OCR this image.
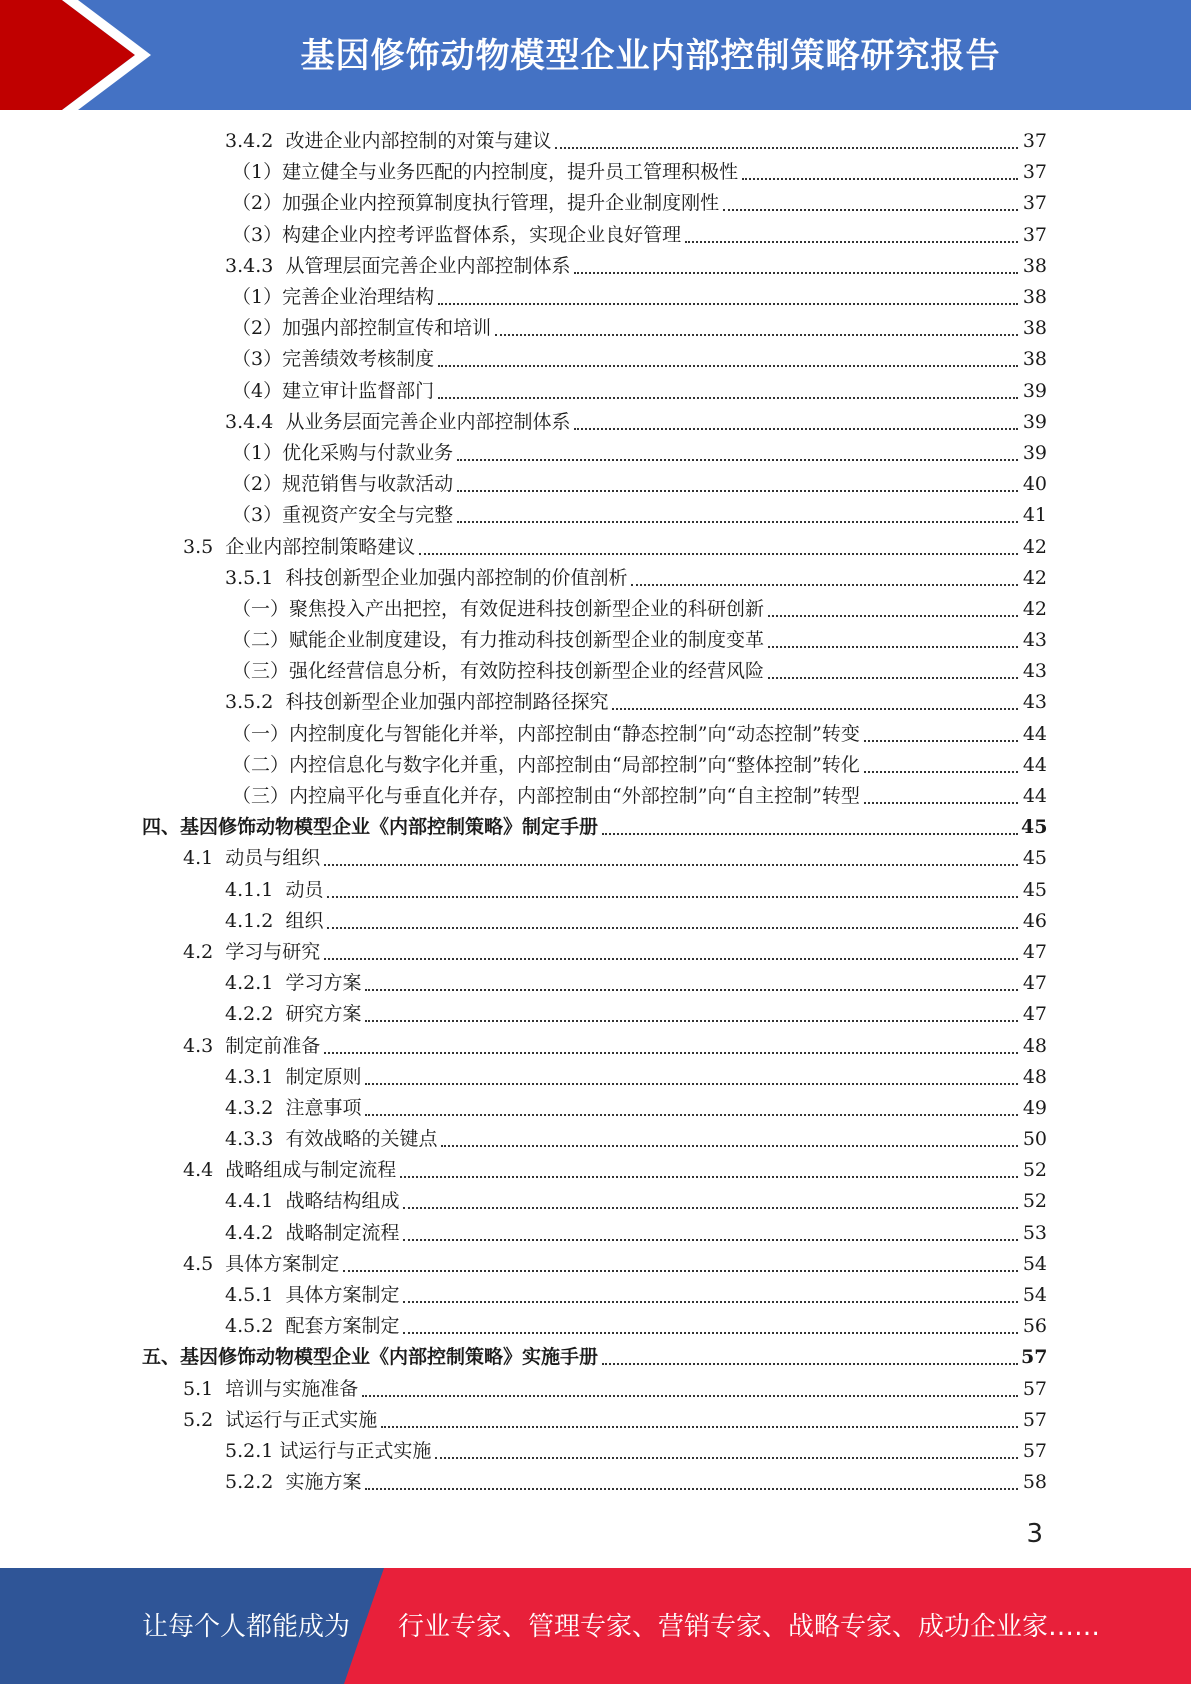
基因修饰动物模型企业内部控制策略研究报告
3.4.2 改进企业内部控制的对策与建议	37
（1） 建立健全与业务匹配的内控制度，提升员工管理积极性	37
（2） 加强企业内控预算制度执行管理，提升企业制度刚性	37
（3） 构建企业内控考评监督体系，实现企业良好管理	37
3.4.3 从管理层面完善企业内部控制体系	38
（1） 完善企业治理结构	38
（2） 加强内部控制宣传和培训	38
（3） 完善绩效考核制度	38
（4） 建立审计监督部门	39
3.4.4 从业务层面完善企业内部控制体系	39
（1） 优化采购与付款业务	39
（2） 规范销售与收款活动	40
（3） 重视资产安全与完整	41
3.5 企业内部控制策略建议	42
3.5.1 科技创新型企业加强内部控制的价值剖析	42
（一） 聚焦投入产出把控，有效促进科技创新型企业的科研创新	42
（二） 赋能企业制度建设，有力推动科技创新型企业的制度变革	43
（三） 强化经营信息分析，有效防控科技创新型企业的经营风险	43
3.5.2 科技创新型企业加强内部控制路径探究	43
（一） 内控制度化与智能化并举，内部控制由“静态控制”向“动态控制”转变	44
（二） 内控信息化与数字化并重，内部控制由“局部控制”向“整体控制”转化	44
（三） 内控扁平化与垂直化并存，内部控制由“外部控制”向“自主控制”转型	44
四、基因修饰动物模型企业《内部控制策略》制定手册	45
4.1 动员与组织	45
4.1.1 动员	45
4.1.2 组织	46
4.2 学习与研究	47
4.2.1 学习方案	47
4.2.2 研究方案	47
4.3 制定前准备	48
4.3.1 制定原则	48
4.3.2 注意事项	49
4.3.3 有效战略的关键点	50
4.4 战略组成与制定流程	52
4.4.1 战略结构组成	52
4.4.2 战略制定流程	53
4.5 具体方案制定	54
4.5.1 具体方案制定	54
4.5.2 配套方案制定	56
五、基因修饰动物模型企业《内部控制策略》实施手册	57
5.1 培训与实施准备	57
5.2 试运行与正式实施	57
5.2.1 试运行与正式实施	57
5.2.2 实施方案	58
3
让每个人都能成为 行业专家、管理专家、营销专家、战略专家、成功企业家……
